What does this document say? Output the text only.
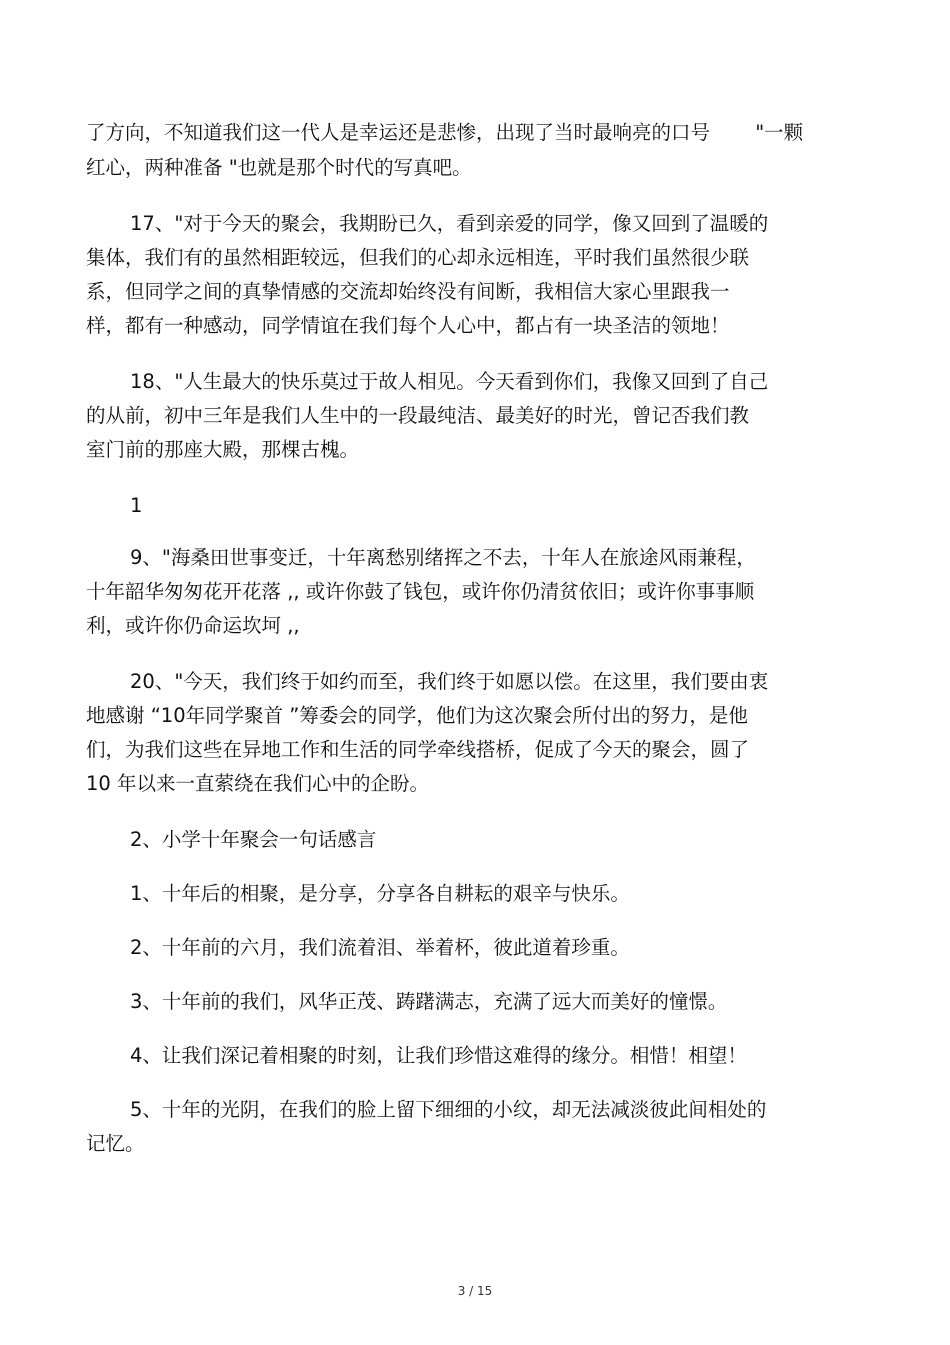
了方向，不知道我们这一代人是幸运还是悲惨，出现了当时最响亮的口号　　 "一颗
红心，两种准备 "也就是那个时代的写真吧。
17、"对于今天的聚会，我期盼已久，看到亲爱的同学，像又回到了温暖的
集体，我们有的虽然相距较远，但我们的心却永远相连，平时我们虽然很少联
系，但同学之间的真挚情感的交流却始终没有间断，我相信大家心里跟我一
样，都有一种感动，同学情谊在我们每个人心中，都占有一块圣洁的领地！
18、"人生最大的快乐莫过于故人相见。今天看到你们，我像又回到了自己
的从前，初中三年是我们人生中的一段最纯洁、最美好的时光，曾记否我们教
室门前的那座大殿，那棵古槐。
1
9、"海桑田世事变迁，十年离愁别绪挥之不去，十年人在旅途风雨兼程，
十年韶华匆匆花开花落 ,, 或许你鼓了钱包，或许你仍清贫依旧；或许你事事顺
利，或许你仍命运坎坷 ,,
20、"今天，我们终于如约而至，我们终于如愿以偿。在这里，我们要由衷
地感谢 “10年同学聚首 ”筹委会的同学，他们为这次聚会所付出的努力，是他
们，为我们这些在异地工作和生活的同学牵线搭桥，促成了今天的聚会，圆了
10 年以来一直萦绕在我们心中的企盼。
2、小学十年聚会一句话感言
1、十年后的相聚，是分享，分享各自耕耘的艰辛与快乐。
2、十年前的六月，我们流着泪、举着杯，彼此道着珍重。
3、十年前的我们，风华正茂、踌躇满志，充满了远大而美好的憧憬。
4、让我们深记着相聚的时刻，让我们珍惜这难得的缘分。相惜！相望！
5、十年的光阴，在我们的脸上留下细细的小纹，却无法减淡彼此间相处的
记忆。
3 / 15
